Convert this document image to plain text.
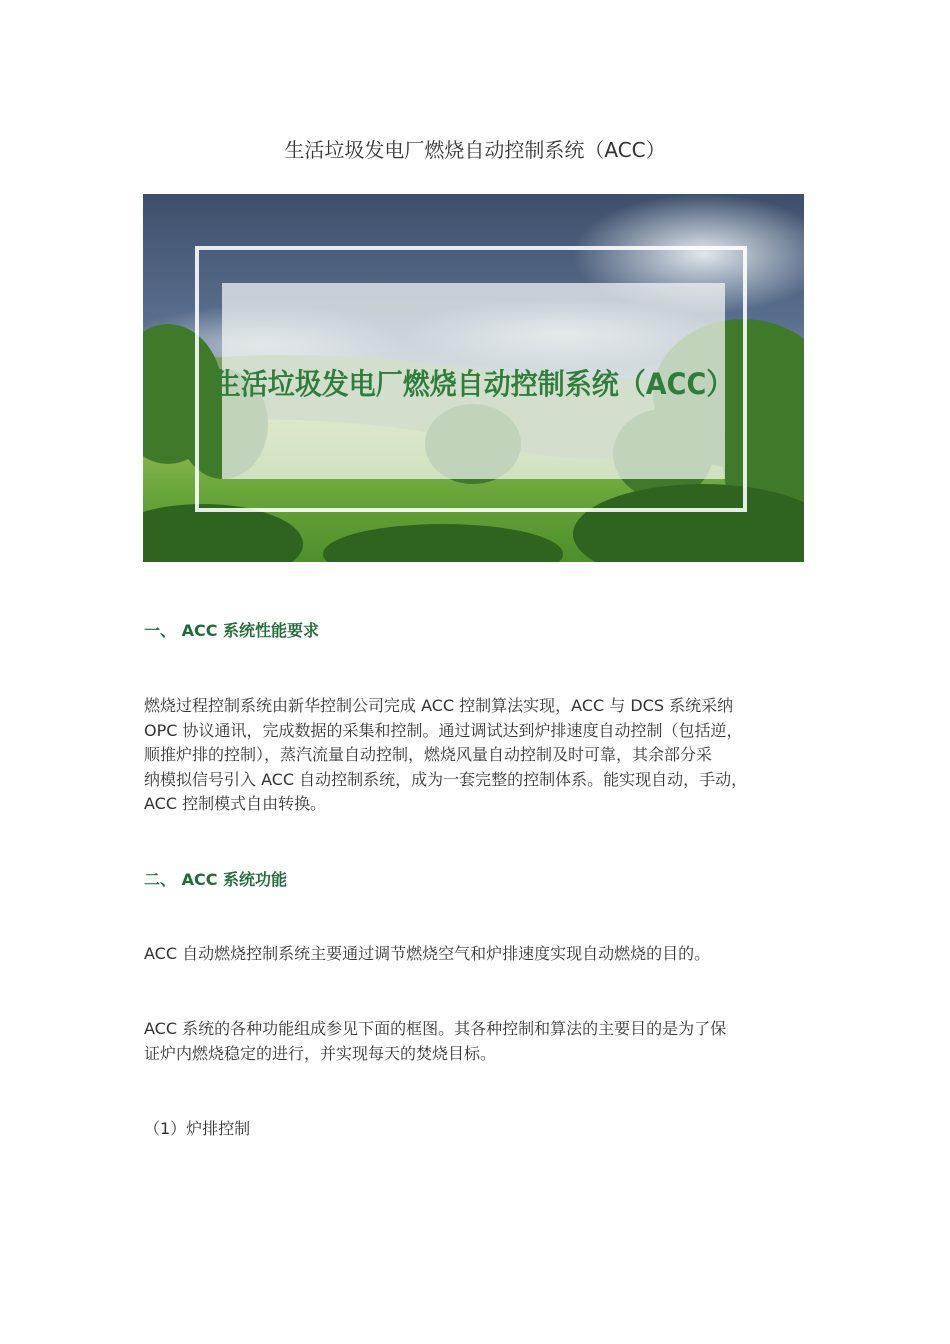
生活垃圾发电厂燃烧自动控制系统（ACC）
生活垃圾发电厂燃烧自动控制系统（ACC）
一、 ACC 系统性能要求
燃烧过程控制系统由新华控制公司完成 ACC 控制算法实现，ACC 与 DCS 系统采纳
OPC 协议通讯，完成数据的采集和控制。通过调试达到炉排速度自动控制（包括逆，
顺推炉排的控制），蒸汽流量自动控制，燃烧风量自动控制及时可靠，其余部分采
纳模拟信号引入 ACC 自动控制系统，成为一套完整的控制体系。能实现自动，手动，
ACC 控制模式自由转换。
二、 ACC 系统功能
ACC 自动燃烧控制系统主要通过调节燃烧空气和炉排速度实现自动燃烧的目的。
ACC 系统的各种功能组成参见下面的框图。其各种控制和算法的主要目的是为了保
证炉内燃烧稳定的进行，并实现每天的焚烧目标。
（1）炉排控制
